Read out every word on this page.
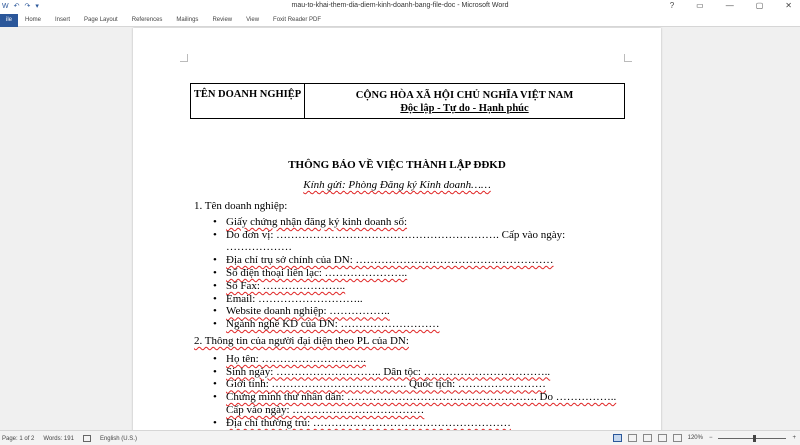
W ↶ ↷ ▾	mau-to-khai-them-dia-diem-kinh-doanh-bang-file-doc - Microsoft Word	?	▭	—	▢	✕
ile	Home	Insert	Page Layout	References	Mailings	Review	View	Foxit Reader PDF
TÊN DOANH NGHIỆP	CỘNG HÒA XÃ HỘI CHỦ NGHĨA VIỆT NAM
Độc lập - Tự do - Hạnh phúc
THÔNG BÁO VỀ VIỆC THÀNH LẬP ĐĐKD
Kính gửi: Phòng Đăng ký Kinh doanh……
1. Tên doanh nghiệp:
• Giấy chứng nhận đăng ký kinh doanh số:
• Do đơn vị: ……………………………………………………. Cấp vào ngày: ………………
• Địa chỉ trụ sở chính của DN: ………………………………………………
• Số điện thoại liên lạc: …………………..
• Số Fax: …………………..
• Email: ………………………..
• Website doanh nghiệp: ……………..
• Ngành nghề KD của DN: ………………………
2. Thông tin của người đại diện theo PL của DN:
• Họ tên: ………………………..
• Sinh ngày: ……………………….. Dân tộc: ……………………………..
• Giới tính: ………………………………. Quốc tịch: ……………………
• Chứng minh thư nhân dân: ……………………………………………. Do …………….. Cấp vào ngày: ………………………………
• Địa chỉ thường trú: ………………………………………………
Page: 1 of 2 Words: 191	English (U.S.)	120% −	+
